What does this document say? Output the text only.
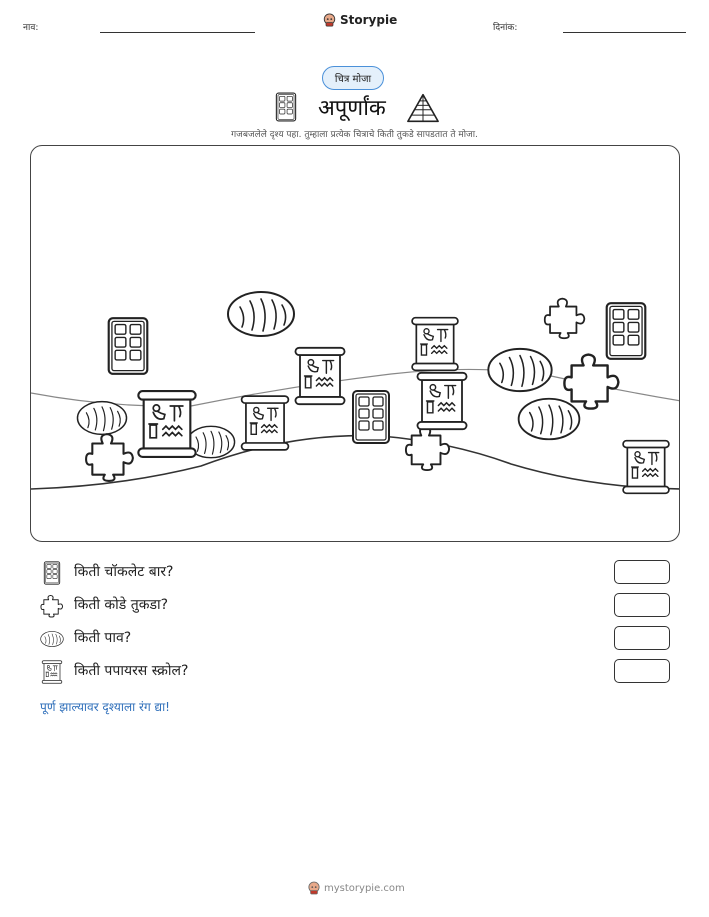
नाव:
Storypie
दिनांक:
चित्र मोजा
अपूर्णांक
गजबजलेले दृश्य पहा. तुम्हाला प्रत्येक चित्राचे किती तुकडे सापडतात ते मोजा.
किती चॉकलेट बार?
किती कोडे तुकडा?
किती पाव?
किती पपायरस स्क्रोल?
पूर्ण झाल्यावर दृश्याला रंग द्या!
mystorypie.com
